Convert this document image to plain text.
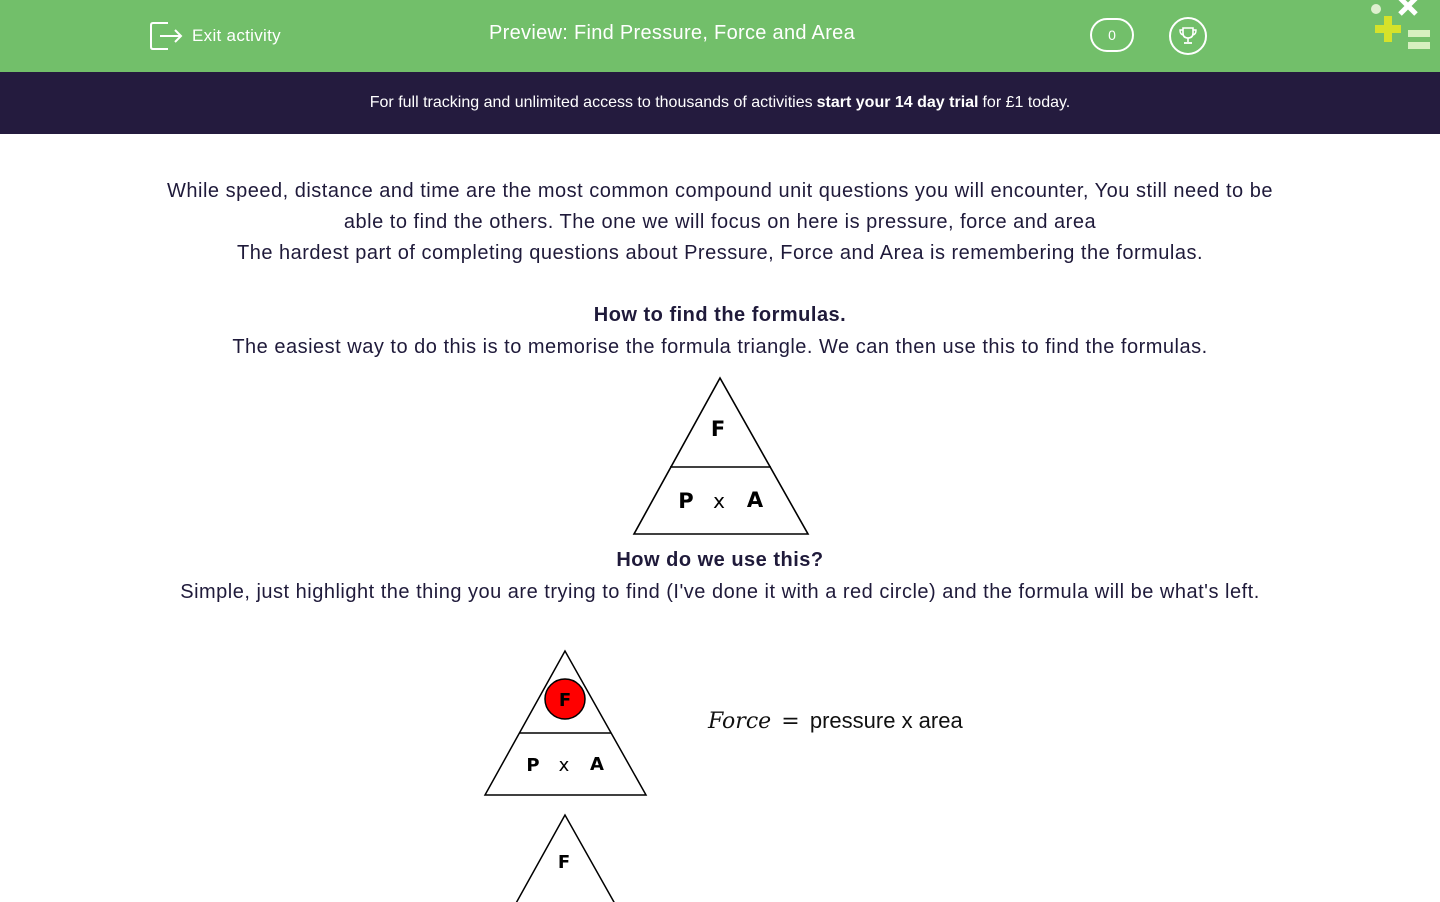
Exit activity	Preview: Find Pressure, Force and Area	0
For full tracking and unlimited access to thousands of activities start your 14 day trial for £1 today.

While speed, distance and time are the most common compound unit questions you will encounter, You still need to be able to find the others. The one we will focus on here is pressure, force and area

The hardest part of completing questions about Pressure, Force and Area is remembering the formulas.

How to find the formulas.

The easiest way to do this is to memorise the formula triangle. We can then use this to find the formulas.

F
P x A

How do we use this?

Simple, just highlight the thing you are trying to find (I've done it with a red circle) and the formula will be what's left.

F
P x A
Force = pressure x area
F
